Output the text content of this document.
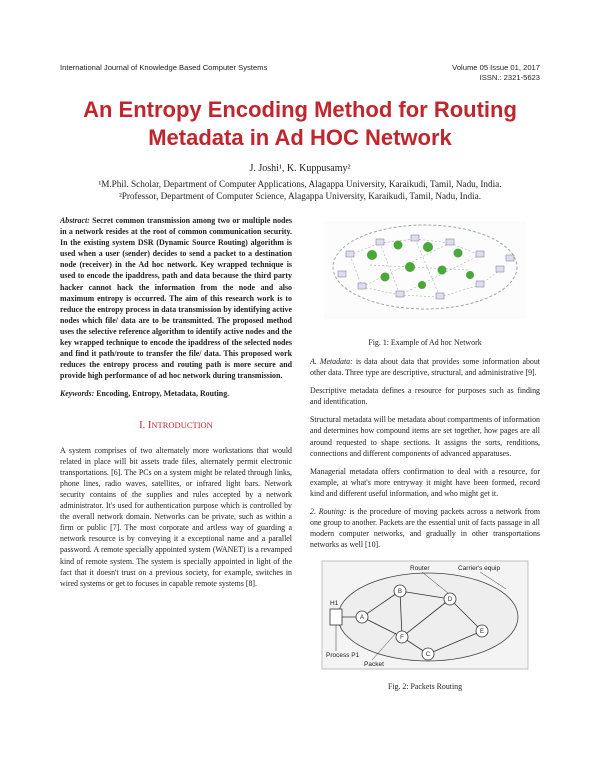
International Journal of Knowledge Based Computer Systems	Volume 05 Issue 01, 2017
ISSN.: 2321-5623
An Entropy Encoding Method for Routing
Metadata in Ad HOC Network
J. Joshi¹, K. Kuppusamy²
¹M.Phil. Scholar, Department of Computer Applications, Alagappa University, Karaikudi, Tamil, Nadu, India.
²Professor, Department of Computer Science, Alagappa University, Karaikudi, Tamil, Nadu, India.

Abstract: Secret common transmission among two or multiple nodes in a network resides at the root of common communication security. In the existing system DSR (Dynamic Source Routing) algorithm is used when a user (sender) decides to send a packet to a destination node (receiver) in the Ad hoc network. Key wrapped technique is used to encode the ipaddress, path and data because the third party hacker cannot hack the information from the node and also maximum entropy is occurred. The aim of this research work is to reduce the entropy process in data transmission by identifying active nodes which file/ data are to be transmitted. The proposed method uses the selective reference algorithm to identify active nodes and the key wrapped technique to encode the ipaddress of the selected nodes and find it path/route to transfer the file/ data. This proposed work reduces the entropy process and routing path is more secure and provide high performance of ad hoc network during transmission.

Keywords: Encoding, Entropy, Metadata, Routing.

I. INTRODUCTION

A system comprises of two alternately more workstations that would related in place will bit assets trade files, alternately permit electronic transportations. [6]. The PCs on a system might be related through links, phone lines, radio waves, satellites, or infrared light bars. Network security contains of the supplies and rules accepted by a network administrator. It's used for authentication purpose which is controlled by the overall network domain. Networks can be private, such as within a firm or public [7]. The most corporate and artless way of guarding a network resource is by conveying it a exceptional name and a parallel password. A remote specially appointed system (WANET) is a revamped kind of remote system. The system is specially appointed in light of the fact that it doesn't trust on a previous society, for example, switches in wired systems or get to focuses in capable remote systems [8].

Fig. 1: Example of Ad hoc Network

A. Metadata: is data about data that provides some information about other data. Three type are descriptive, structural, and administrative [9].

Descriptive metadata defines a resource for purposes such as finding and identification.

Structural metadata will be metadata about compartments of information and determines how compound items are set together, how pages are all around requested to shape sections. It assigns the sorts, renditions, connections and different components of advanced apparatuses.

Managerial metadata offers confirmation to deal with a resource, for example, at what's more entryway it might have been formed, record kind and different useful information, and who might get it.

2. Routing: is the procedure of moving packets across a network from one group to another. Packets are the essential unit of facts passage in all modern computer networks, and gradually in other transportations networks as well [10].

A
B
C
D
E
F
Router	Carrier's equip
H1
Process P1
Packet
Fig. 2: Packets Routing
